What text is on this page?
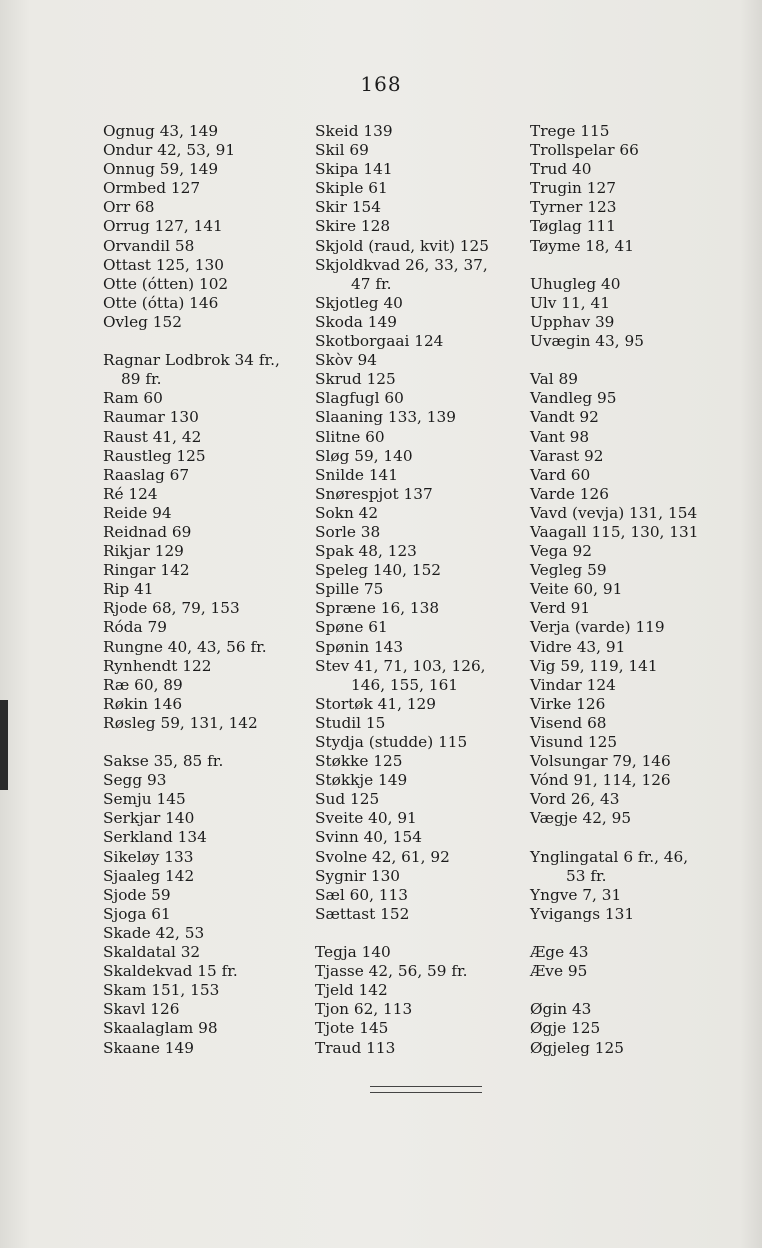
168
Ognug 43, 149
Ondur 42, 53, 91
Onnug 59, 149
Ormbed 127
Orr 68
Orrug 127, 141
Orvandil 58
Ottast 125, 130
Otte (ótten) 102
Otte (ótta) 146
Ovleg 152
Ragnar Lodbrok 34 fr.,
89 fr.
Ram 60
Raumar 130
Raust 41, 42
Raustleg 125
Raaslag 67
Ré 124
Reide 94
Reidnad 69
Rikjar 129
Ringar 142
Rip 41
Rjode 68, 79, 153
Róda 79
Rungne 40, 43, 56 fr.
Rynhendt 122
Ræ 60, 89
Røkin 146
Røsleg 59, 131, 142
Sakse 35, 85 fr.
Segg 93
Semju 145
Serkjar 140
Serkland 134
Sikeløy 133
Sjaaleg 142
Sjode 59
Sjoga 61
Skade 42, 53
Skaldatal 32
Skaldekvad 15 fr.
Skam 151, 153
Skavl 126
Skaalaglam 98
Skaane 149
Skeid 139
Skil 69
Skipa 141
Skiple 61
Skir 154
Skire 128
Skjold (raud, kvit) 125
Skjoldkvad 26, 33, 37,
47 fr.
Skjotleg 40
Skoda 149
Skotborgaai 124
Skòv 94
Skrud 125
Slagfugl 60
Slaaning 133, 139
Slitne 60
Sløg 59, 140
Snilde 141
Snørespjot 137
Sokn 42
Sorle 38
Spak 48, 123
Speleg 140, 152
Spille 75
Spræne 16, 138
Spøne 61
Spønin 143
Stev 41, 71, 103, 126,
146, 155, 161
Stortøk 41, 129
Studil 15
Stydja (studde) 115
Støkke 125
Støkkje 149
Sud 125
Sveite 40, 91
Svinn 40, 154
Svolne 42, 61, 92
Sygnir 130
Sæl 60, 113
Sættast 152
Tegja 140
Tjasse 42, 56, 59 fr.
Tjeld 142
Tjon 62, 113
Tjote 145
Traud 113
Trege 115
Trollspelar 66
Trud 40
Trugin 127
Tyrner 123
Tøglag 111
Tøyme 18, 41
Uhugleg 40
Ulv 11, 41
Upphav 39
Uvægin 43, 95
Val 89
Vandleg 95
Vandt 92
Vant 98
Varast 92
Vard 60
Varde 126
Vavd (vevja) 131, 154
Vaagall 115, 130, 131
Vega 92
Vegleg 59
Veite 60, 91
Verd 91
Verja (varde) 119
Vidre 43, 91
Vig 59, 119, 141
Vindar 124
Virke 126
Visend 68
Visund 125
Volsungar 79, 146
Vónd 91, 114, 126
Vord 26, 43
Vægje 42, 95
Ynglingatal 6 fr., 46,
53 fr.
Yngve 7, 31
Yvigangs 131
Æge 43
Æve 95
Øgin 43
Øgje 125
Øgjeleg 125
